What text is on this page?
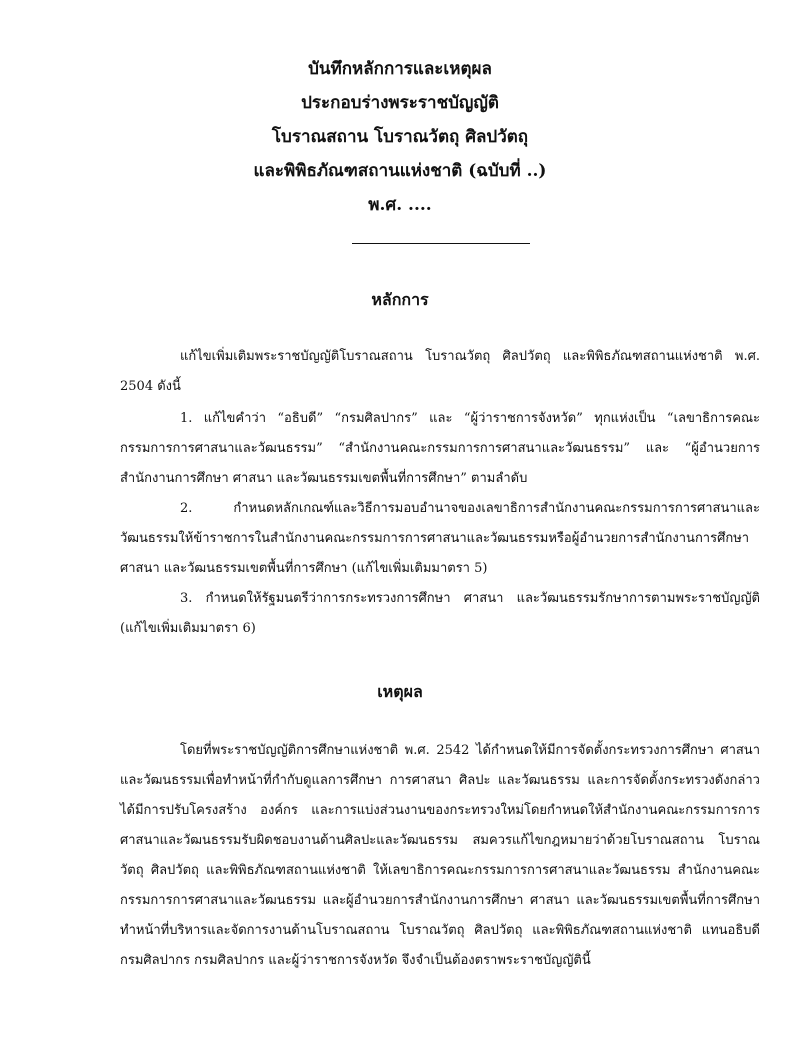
บันทึกหลักการและเหตุผล
ประกอบร่างพระราชบัญญัติ
โบราณสถาน โบราณวัตถุ ศิลปวัตถุ
และพิพิธภัณฑสถานแห่งชาติ (ฉบับที่ ..)
พ.ศ. ....
หลักการ

แก้ไขเพิ่มเติมพระราชบัญญัติโบราณสถาน โบราณวัตถุ ศิลปวัตถุ และพิพิธภัณฑสถานแห่งชาติ พ.ศ. 2504 ดังนี้

1. แก้ไขคำว่า “อธิบดี” “กรมศิลปากร” และ “ผู้ว่าราชการจังหวัด” ทุกแห่งเป็น “เลขาธิการคณะกรรมการการศาสนาและวัฒนธรรม” “สำนักงานคณะกรรมการการศาสนาและวัฒนธรรม” และ “ผู้อำนวยการสำนักงานการศึกษา ศาสนา และวัฒนธรรมเขตพื้นที่การศึกษา” ตามลำดับ

2. กำหนดหลักเกณฑ์และวิธีการมอบอำนาจของเลขาธิการสำนักงานคณะกรรมการการศาสนาและวัฒนธรรมให้ข้าราชการในสำนักงานคณะกรรมการการศาสนาและวัฒนธรรมหรือผู้อำนวยการสำนักงานการศึกษา ศาสนา และวัฒนธรรมเขตพื้นที่การศึกษา (แก้ไขเพิ่มเติมมาตรา 5)

3. กำหนดให้รัฐมนตรีว่าการกระทรวงการศึกษา ศาสนา และวัฒนธรรมรักษาการตามพระราชบัญญัติ (แก้ไขเพิ่มเติมมาตรา 6)

เหตุผล

โดยที่พระราชบัญญัติการศึกษาแห่งชาติ พ.ศ. 2542 ได้กำหนดให้มีการจัดตั้งกระทรวงการศึกษา ศาสนา และวัฒนธรรมเพื่อทำหน้าที่กำกับดูแลการศึกษา การศาสนา ศิลปะ และวัฒนธรรม และการจัดตั้งกระทรวงดังกล่าวได้มีการปรับโครงสร้าง องค์กร และการแบ่งส่วนงานของกระทรวงใหม่โดยกำหนดให้สำนักงานคณะกรรมการการศาสนาและวัฒนธรรมรับผิดชอบงานด้านศิลปะและวัฒนธรรม สมควรแก้ไขกฎหมายว่าด้วยโบราณสถาน โบราณวัตถุ ศิลปวัตถุ และพิพิธภัณฑสถานแห่งชาติ ให้เลขาธิการคณะกรรมการการศาสนาและวัฒนธรรม สำนักงานคณะกรรมการการศาสนาและวัฒนธรรม และผู้อำนวยการสำนักงานการศึกษา ศาสนา และวัฒนธรรมเขตพื้นที่การศึกษาทำหน้าที่บริหารและจัดการงานด้านโบราณสถาน โบราณวัตถุ ศิลปวัตถุ และพิพิธภัณฑสถานแห่งชาติ แทนอธิบดีกรมศิลปากร กรมศิลปากร และผู้ว่าราชการจังหวัด จึงจำเป็นต้องตราพระราชบัญญัตินี้
